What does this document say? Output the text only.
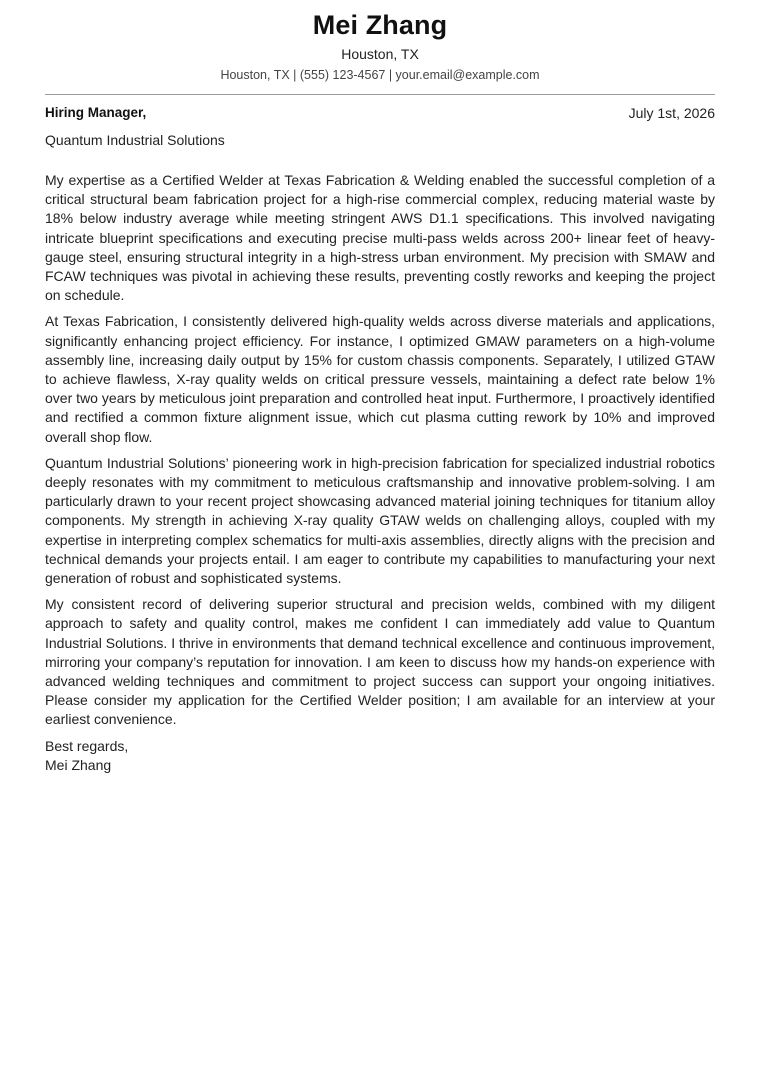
Mei Zhang
Houston, TX
Houston, TX | (555) 123-4567 | your.email@example.com
Hiring Manager,	July 1st, 2026
Quantum Industrial Solutions

My expertise as a Certified Welder at Texas Fabrication & Welding enabled the successful completion of a critical structural beam fabrication project for a high-rise commercial complex, reducing material waste by 18% below industry average while meeting stringent AWS D1.1 specifications. This involved navigating intricate blueprint specifications and executing precise multi-pass welds across 200+ linear feet of heavy-gauge steel, ensuring structural integrity in a high-stress urban environment. My precision with SMAW and FCAW techniques was pivotal in achieving these results, preventing costly reworks and keeping the project on schedule.

At Texas Fabrication, I consistently delivered high-quality welds across diverse materials and applications, significantly enhancing project efficiency. For instance, I optimized GMAW parameters on a high-volume assembly line, increasing daily output by 15% for custom chassis components. Separately, I utilized GTAW to achieve flawless, X-ray quality welds on critical pressure vessels, maintaining a defect rate below 1% over two years by meticulous joint preparation and controlled heat input. Furthermore, I proactively identified and rectified a common fixture alignment issue, which cut plasma cutting rework by 10% and improved overall shop flow.

Quantum Industrial Solutions’ pioneering work in high-precision fabrication for specialized industrial robotics deeply resonates with my commitment to meticulous craftsmanship and innovative problem-solving. I am particularly drawn to your recent project showcasing advanced material joining techniques for titanium alloy components. My strength in achieving X-ray quality GTAW welds on challenging alloys, coupled with my expertise in interpreting complex schematics for multi-axis assemblies, directly aligns with the precision and technical demands your projects entail. I am eager to contribute my capabilities to manufacturing your next generation of robust and sophisticated systems.

My consistent record of delivering superior structural and precision welds, combined with my diligent approach to safety and quality control, makes me confident I can immediately add value to Quantum Industrial Solutions. I thrive in environments that demand technical excellence and continuous improvement, mirroring your company’s reputation for innovation. I am keen to discuss how my hands-on experience with advanced welding techniques and commitment to project success can support your ongoing initiatives. Please consider my application for the Certified Welder position; I am available for an interview at your earliest convenience.

Best regards,
Mei Zhang
